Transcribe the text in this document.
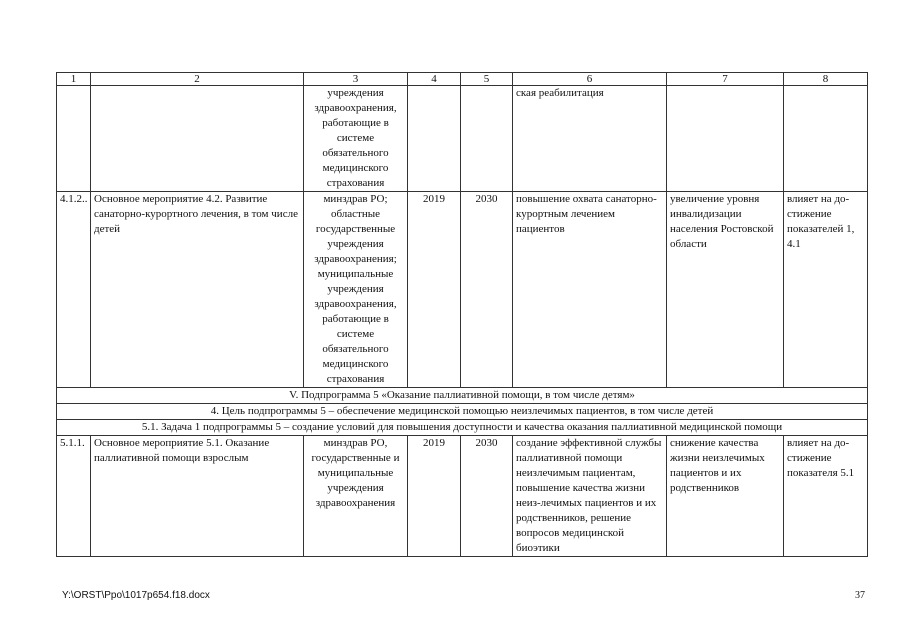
1	2	3	4	5	6	7	8
		учреждения здравоохранения, работающие в системе обязательного медицинского страхования			ская реабилитация		
4.1.2..	Основное мероприятие 4.2. Развитие санаторно-курортного лечения, в том числе детей	минздрав РО; областные государственные учреждения здравоохранения; муниципальные учреждения здравоохранения, работающие в системе обязательного медицинского страхования	2019	2030	повышение охвата санаторно-курортным лечением пациентов	увеличение уровня инвалидизации населения Ростовской области	влияет на до-стижение показателей 1, 4.1
V. Подпрограмма 5 «Оказание паллиативной помощи, в том числе детям»							
4. Цель подпрограммы 5 – обеспечение медицинской помощью неизлечимых пациентов, в том числе детей							
5.1. Задача 1 подпрограммы 5 – создание условий для повышения доступности и качества оказания паллиативной медицинской помощи							
5.1.1.	Основное мероприятие 5.1. Оказание паллиативной помощи взрослым	минздрав РО, государственные и муниципальные учреждения здравоохранения	2019	2030	создание эффективной службы паллиативной помощи неизлечимым пациентам, повышение качества жизни неиз-лечимых пациентов и их родственников, решение вопросов медицинской биоэтики	снижение качества жизни неизлечимых пациентов и их родственников	влияет на до-стижение показателя 5.1
Y:\ORST\Ppo\1017p654.f18.docx	37
